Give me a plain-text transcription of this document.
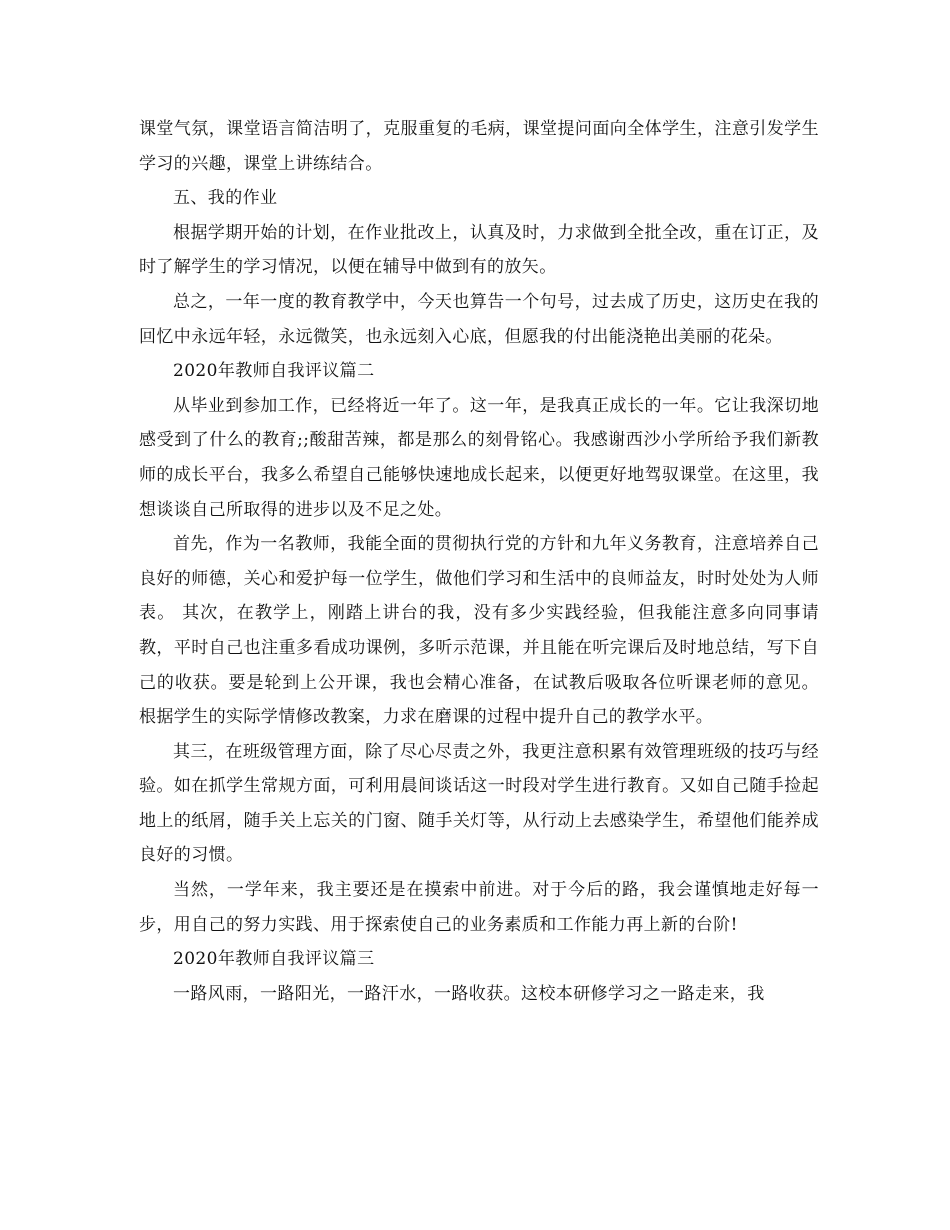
课堂气氛，课堂语言简洁明了，克服重复的毛病，课堂提问面向全体学生，注意引发学生学习的兴趣，课堂上讲练结合。

五、我的作业

根据学期开始的计划，在作业批改上，认真及时，力求做到全批全改，重在订正，及时了解学生的学习情况，以便在辅导中做到有的放矢。

总之，一年一度的教育教学中，今天也算告一个句号，过去成了历史，这历史在我的回忆中永远年轻，永远微笑，也永远刻入心底，但愿我的付出能浇艳出美丽的花朵。

2020年教师自我评议篇二

从毕业到参加工作，已经将近一年了。这一年，是我真正成长的一年。它让我深切地感受到了什么的教育;;酸甜苦辣，都是那么的刻骨铭心。我感谢西沙小学所给予我们新教师的成长平台，我多么希望自己能够快速地成长起来，以便更好地驾驭课堂。在这里，我想谈谈自己所取得的进步以及不足之处。

首先，作为一名教师，我能全面的贯彻执行党的方针和九年义务教育，注意培养自己良好的师德，关心和爱护每一位学生，做他们学习和生活中的良师益友，时时处处为人师表。 其次，在教学上，刚踏上讲台的我，没有多少实践经验，但我能注意多向同事请教，平时自己也注重多看成功课例，多听示范课，并且能在听完课后及时地总结，写下自己的收获。要是轮到上公开课，我也会精心准备，在试教后吸取各位听课老师的意见。 根据学生的实际学情修改教案，力求在磨课的过程中提升自己的教学水平。

其三，在班级管理方面，除了尽心尽责之外，我更注意积累有效管理班级的技巧与经验。如在抓学生常规方面，可利用晨间谈话这一时段对学生进行教育。又如自己随手捡起地上的纸屑，随手关上忘关的门窗、随手关灯等，从行动上去感染学生，希望他们能养成良好的习惯。

当然，一学年来，我主要还是在摸索中前进。对于今后的路，我会谨慎地走好每一步，用自己的努力实践、用于探索使自己的业务素质和工作能力再上新的台阶!

2020年教师自我评议篇三

一路风雨，一路阳光，一路汗水，一路收获。这校本研修学习之一路走来，我
